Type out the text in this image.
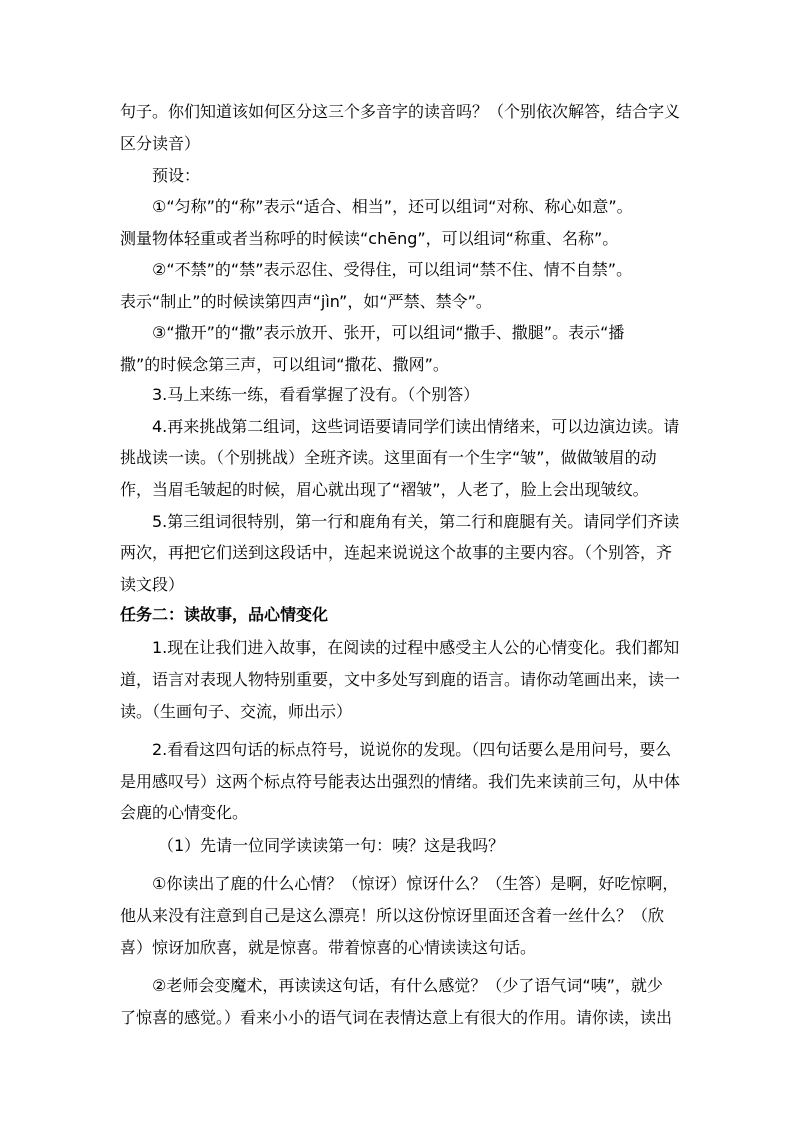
句子。你们知道该如何区分这三个多音字的读音吗？（个别依次解答，结合字义
区分读音）
预设：
①“匀称”的“称”表示“适合、相当”，还可以组词“对称、称心如意”。
测量物体轻重或者当称呼的时候读“chēng”，可以组词“称重、名称”。
②“不禁”的“禁”表示忍住、受得住，可以组词“禁不住、情不自禁”。
表示“制止”的时候读第四声“jìn”，如“严禁、禁令”。
③“撒开”的“撒”表示放开、张开，可以组词“撒手、撒腿”。表示“播
撒”的时候念第三声，可以组词“撒花、撒网”。
3.马上来练一练，看看掌握了没有。（个别答）
4.再来挑战第二组词，这些词语要请同学们读出情绪来，可以边演边读。请
挑战读一读。（个别挑战）全班齐读。这里面有一个生字“皱”，做做皱眉的动
作，当眉毛皱起的时候，眉心就出现了“褶皱”，人老了，脸上会出现皱纹。
5.第三组词很特别，第一行和鹿角有关，第二行和鹿腿有关。请同学们齐读
两次，再把它们送到这段话中，连起来说说这个故事的主要内容。（个别答，齐
读文段）
任务二：读故事，品心情变化
1.现在让我们进入故事，在阅读的过程中感受主人公的心情变化。我们都知
道，语言对表现人物特别重要，文中多处写到鹿的语言。请你动笔画出来，读一
读。（生画句子、交流，师出示）
2.看看这四句话的标点符号，说说你的发现。（四句话要么是用问号，要么
是用感叹号）这两个标点符号能表达出强烈的情绪。我们先来读前三句，从中体
会鹿的心情变化。
（1）先请一位同学读读第一句：咦？这是我吗？
①你读出了鹿的什么心情？（惊讶）惊讶什么？（生答）是啊，好吃惊啊，
他从来没有注意到自己是这么漂亮！所以这份惊讶里面还含着一丝什么？（欣
喜）惊讶加欣喜，就是惊喜。带着惊喜的心情读读这句话。
②老师会变魔术，再读读这句话，有什么感觉？（少了语气词“咦”，就少
了惊喜的感觉。）看来小小的语气词在表情达意上有很大的作用。请你读，读出
